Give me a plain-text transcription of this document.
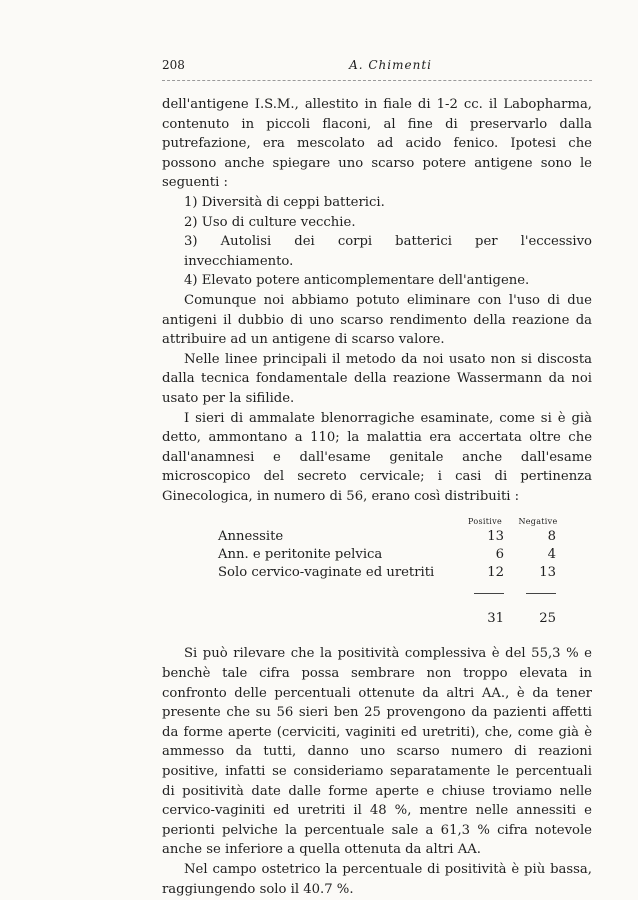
208	A. Chimenti

dell'antigene I.S.M., allestito in fiale di 1-2 cc. il Labopharma, contenuto in piccoli flaconi, al fine di preservarlo dalla putrefazione, era mescolato ad acido fenico. Ipotesi che possono anche spiegare uno scarso potere antigene sono le seguenti :

1) Diversità di ceppi batterici.

2) Uso di culture vecchie.

3) Autolisi dei corpi batterici per l'eccessivo invecchiamento.

4) Elevato potere anticomplementare dell'antigene.

Comunque noi abbiamo potuto eliminare con l'uso di due antigeni il dubbio di uno scarso rendimento della reazione da attribuire ad un antigene di scarso valore.

Nelle linee principali il metodo da noi usato non si discosta dalla tecnica fondamentale della reazione Wassermann da noi usato per la sifilide.

I sieri di ammalate blenorragiche esaminate, come si è già detto, ammontano a 110; la malattia era accertata oltre che dall'anamnesi e dall'esame genitale anche dall'esame microscopico del secreto cervicale; i casi di pertinenza Ginecologica, in numero di 56, erano così distribuiti :

	Positive	Negative
Annessite	13	8
Ann. e peritonite pelvica	6	4
Solo cervico-vaginate ed uretriti	12	13

	31	25

Si può rilevare che la positività complessiva è del 55,3 % e benchè tale cifra possa sembrare non troppo elevata in confronto delle percentuali ottenute da altri AA., è da tener presente che su 56 sieri ben 25 provengono da pazienti affetti da forme aperte (cerviciti, vaginiti ed uretriti), che, come già è ammesso da tutti, danno uno scarso numero di reazioni positive, infatti se consideriamo separatamente le percentuali di positività date dalle forme aperte e chiuse troviamo nelle cervico-vaginiti ed uretriti il 48 %, mentre nelle annessiti e perionti pelviche la percentuale sale a 61,3 % cifra notevole anche se inferiore a quella ottenuta da altri AA.

Nel campo ostetrico la percentuale di positività è più bassa, raggiungendo solo il 40.7 %.
